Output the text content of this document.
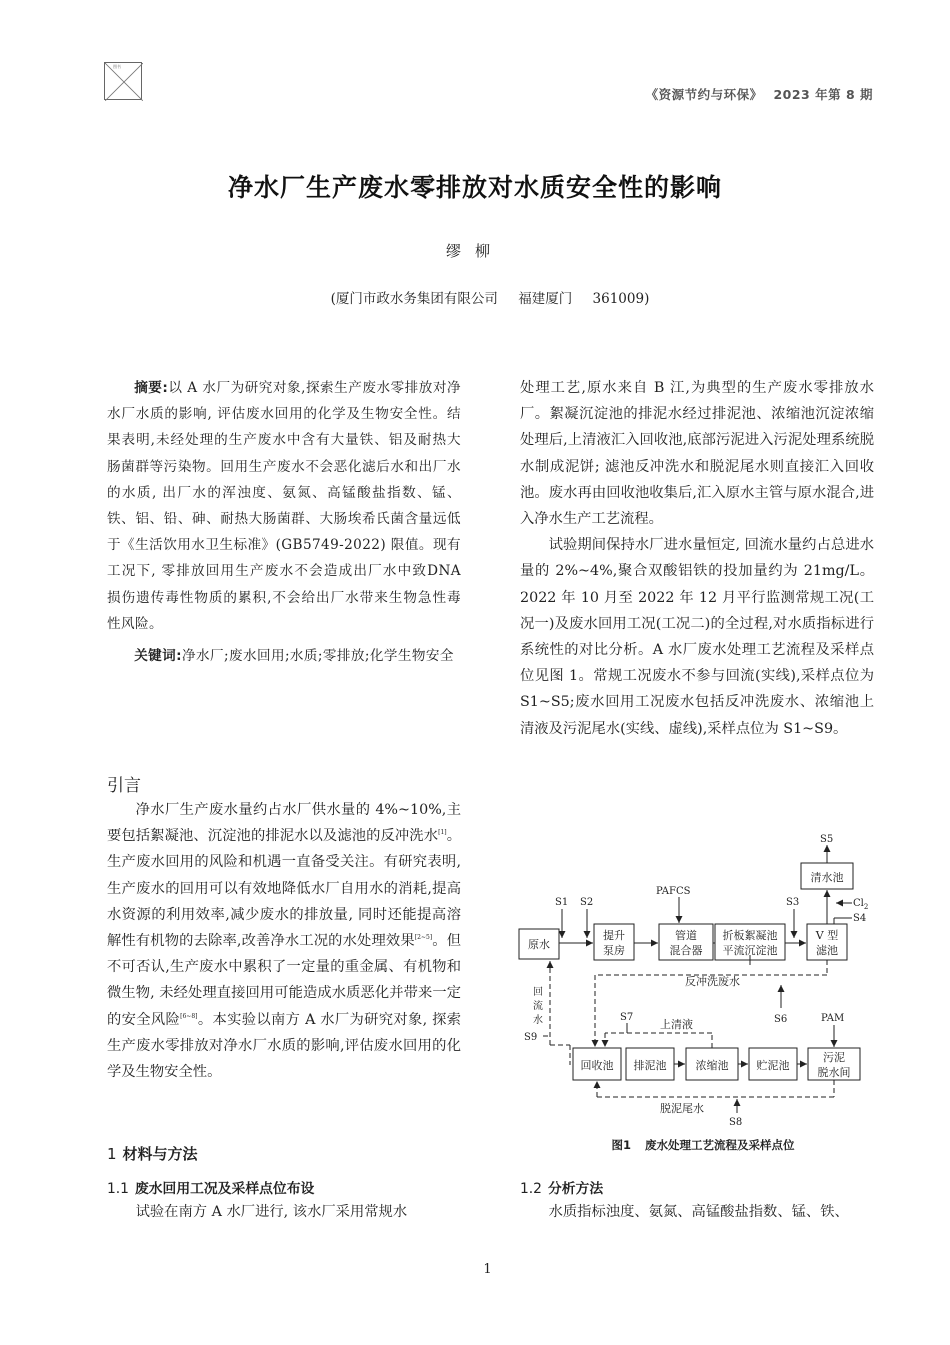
图书
《资源节约与环保》 2023 年第 8 期
净水厂生产废水零排放对水质安全性的影响
缪柳
(厦门市政水务集团有限公司 福建厦门 361009)

摘要:以 A 水厂为研究对象,探索生产废水零排放对净水厂水质的影响, 评估废水回用的化学及生物安全性。结果表明,未经处理的生产废水中含有大量铁、铝及耐热大肠菌群等污染物。回用生产废水不会恶化滤后水和出厂水的水质, 出厂水的浑浊度、氨氮、高锰酸盐指数、锰、铁、铝、铅、砷、耐热大肠菌群、大肠埃希氏菌含量远低于《生活饮用水卫生标准》(GB5749-2022) 限值。现有工况下, 零排放回用生产废水不会造成出厂水中致DNA 损伤遗传毒性物质的累积,不会给出厂水带来生物急性毒性风险。

关键词:净水厂;废水回用;水质;零排放;化学生物安全

引言

净水厂生产废水量约占水厂供水量的 4%~10%,主要包括絮凝池、沉淀池的排泥水以及滤池的反冲洗水[1]。生产废水回用的风险和机遇一直备受关注。有研究表明,生产废水的回用可以有效地降低水厂自用水的消耗,提高水资源的利用效率,减少废水的排放量, 同时还能提高溶解性有机物的去除率,改善净水工况的水处理效果[2~5]。但不可否认,生产废水中累积了一定量的重金属、有机物和微生物, 未经处理直接回用可能造成水质恶化并带来一定的安全风险[6~8]。本实验以南方 A 水厂为研究对象, 探索生产废水零排放对净水厂水质的影响,评估废水回用的化学及生物安全性。

1 材料与方法
1.1 废水回用工况及采样点位布设

试验在南方 A 水厂进行, 该水厂采用常规水

处理工艺,原水来自 B 江,为典型的生产废水零排放水厂。絮凝沉淀池的排泥水经过排泥池、浓缩池沉淀浓缩处理后,上清液汇入回收池,底部污泥进入污泥处理系统脱水制成泥饼; 滤池反冲洗水和脱泥尾水则直接汇入回收池。废水再由回收池收集后,汇入原水主管与原水混合,进入净水生产工艺流程。

试验期间保持水厂进水量恒定, 回流水量约占总进水量的 2%~4%,聚合双酸铝铁的投加量约为 21mg/L。2022 年 10 月至 2022 年 12 月平行监测常规工况(工况一)及废水回用工况(工况二)的全过程,对水质指标进行系统性的对比分析。A 水厂废水处理工艺流程及采样点位见图 1。常规工况废水不参与回流(实线),采样点位为 S1~S5;废水回用工况废水包括反冲洗废水、浓缩池上清液及污泥尾水(实线、虚线),采样点位为 S1~S9。

原水
提升
泵房
管道
混合器
折板絮凝池
平流沉淀池
V 型
滤池
清水池
S5
S1 S2
PAFCS
S3	$Cl_2$
S4
反冲洗废水
S6
回
流
水
S9
回收池 排泥池	浓缩池	贮泥池
污泥
脱水间
上清液
S7	PAM
脱泥尾水
S8
图1 废水处理工艺流程及采样点位
1.2 分析方法

水质指标浊度、氨氮、高锰酸盐指数、锰、铁、

1
